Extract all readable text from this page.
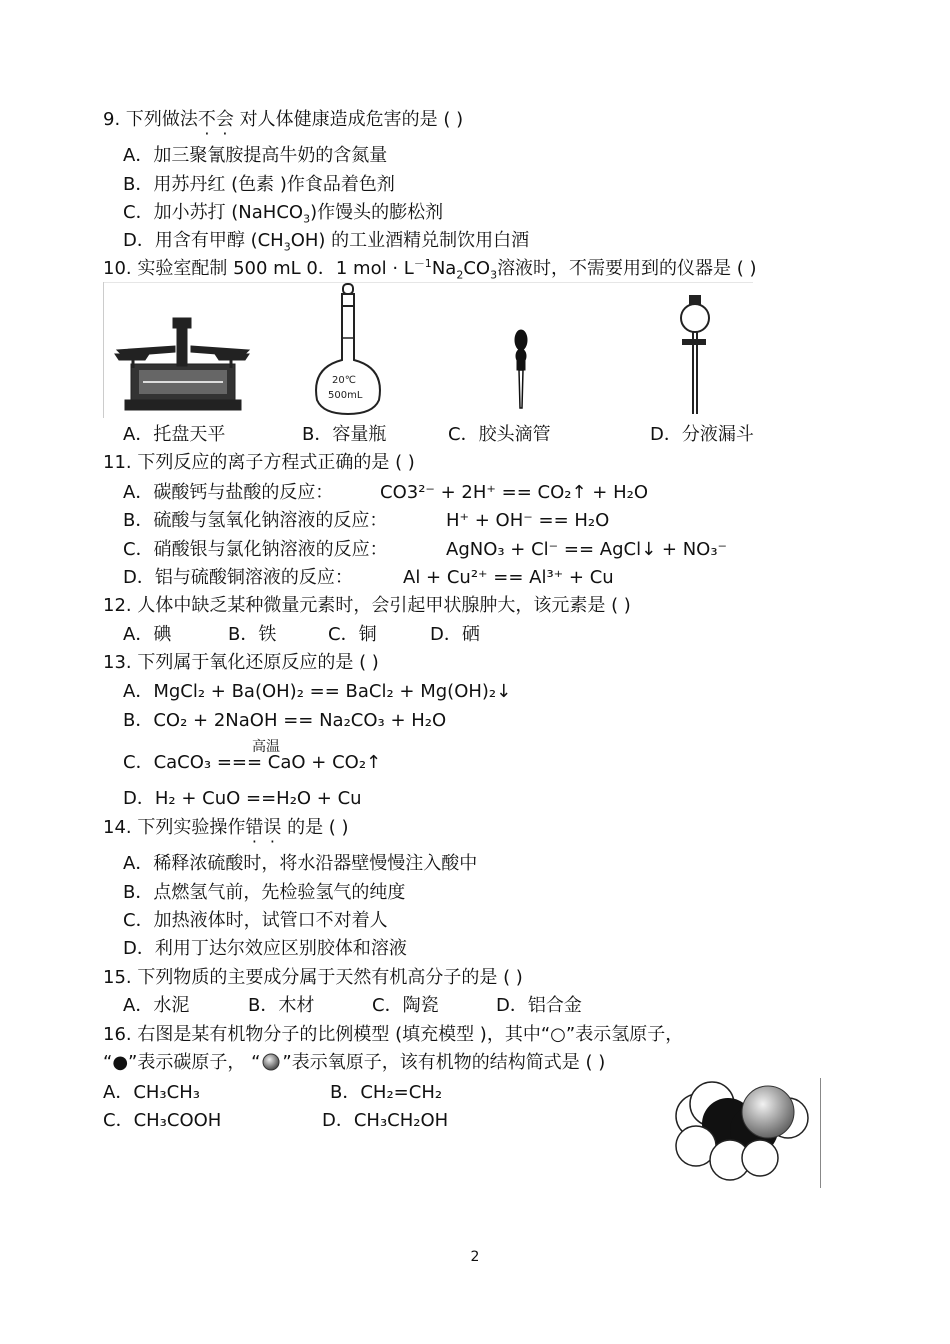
9. 下列做法不会 对人体健康造成危害的是 ( )
A．加三聚氰胺提高牛奶的含氮量
B．用苏丹红 (色素 )作食品着色剂
C．加小苏打 (NaHCO$_3$)作馒头的膨松剂
D．用含有甲醇 $(CH_3OH)$ 的工业酒精兑制饮用白酒
10. 实验室配制 500 mL 0．1 mol · $L^{-1}Na_2CO_3$溶液时，不需要用到的仪器是 ( )
20℃
500mL
A．托盘天平	B．容量瓶	C．胶头滴管	D．分液漏斗
11. 下列反应的离子方程式正确的是 ( )
A．碳酸钙与盐酸的反应：	CO3²⁻ + 2H⁺ == CO₂↑ + H₂O
B．硫酸与氢氧化钠溶液的反应：	H⁺ + OH⁻ == H₂O
C．硝酸银与氯化钠溶液的反应：	AgNO₃ + Cl⁻ == AgCl↓ + NO₃⁻
D．铝与硫酸铜溶液的反应：	Al + Cu²⁺ == Al³⁺ + Cu
12. 人体中缺乏某种微量元素时，会引起甲状腺肿大，该元素是 ( )
A．碘	B．铁	C．铜	D．硒
13. 下列属于氧化还原反应的是 ( )
A．MgCl₂ + Ba(OH)₂ == BaCl₂ + Mg(OH)₂↓
B．CO₂ + 2NaOH == Na₂CO₃ + H₂O
高温
C．CaCO₃ === CaO + CO₂↑
D．H₂ + CuO ==H₂O + Cu
14. 下列实验操作错误 的是 ( )
A．稀释浓硫酸时，将水沿器壁慢慢注入酸中
B．点燃氢气前，先检验氢气的纯度
C．加热液体时，试管口不对着人
D．利用丁达尔效应区别胶体和溶液
15. 下列物质的主要成分属于天然有机高分子的是 ( )
A．水泥	B．木材	C．陶瓷	D．铝合金
16. 右图是某有机物分子的比例模型 (填充模型 )，其中“○”表示氢原子，
“●”表示碳原子， “ ”表示氧原子，该有机物的结构简式是 ( )
A．CH₃CH₃	B．CH₂=CH₂
C．CH₃COOH	D．CH₃CH₂OH
2
